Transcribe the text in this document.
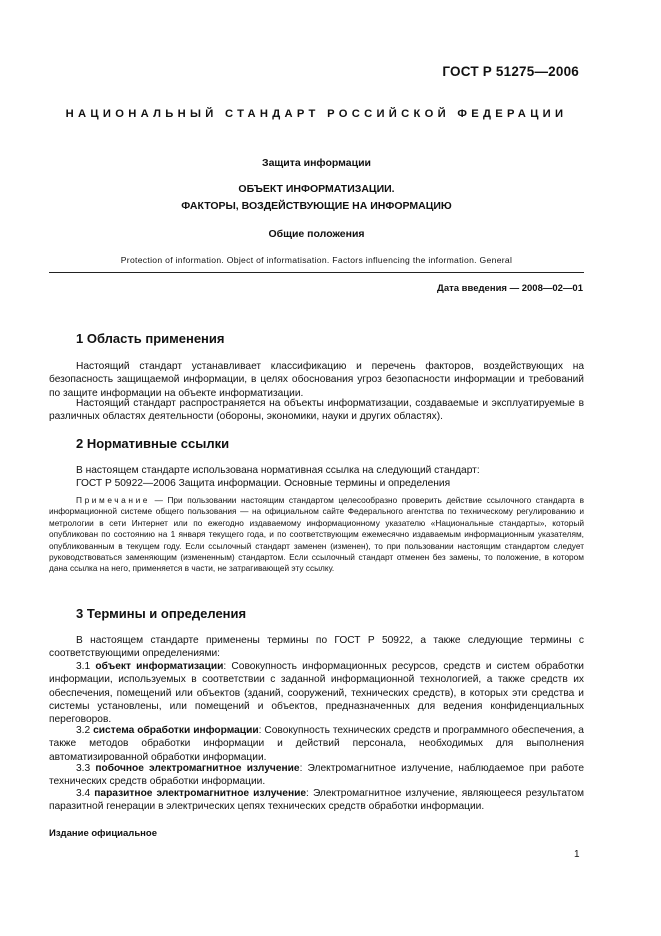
ГОСТ Р 51275—2006
НАЦИОНАЛЬНЫЙ СТАНДАРТ РОССИЙСКОЙ ФЕДЕРАЦИИ
Защита информации
ОБЪЕКТ ИНФОРМАТИЗАЦИИ.
ФАКТОРЫ, ВОЗДЕЙСТВУЮЩИЕ НА ИНФОРМАЦИЮ
Общие положения
Protection of information. Object of informatisation. Factors influencing the information. General
Дата введения — 2008—02—01
1 Область применения
Настоящий стандарт устанавливает классификацию и перечень факторов, воздействующих на безопасность защищаемой информации, в целях обоснования угроз безопасности информации и требований по защите информации на объекте информатизации.
Настоящий стандарт распространяется на объекты информатизации, создаваемые и эксплуатируемые в различных областях деятельности (обороны, экономики, науки и других областях).
2 Нормативные ссылки
В настоящем стандарте использована нормативная ссылка на следующий стандарт:
ГОСТ Р 50922—2006 Защита информации. Основные термины и определения
Примечание — При пользовании настоящим стандартом целесообразно проверить действие ссылочного стандарта в информационной системе общего пользования — на официальном сайте Федерального агентства по техническому регулированию и метрологии в сети Интернет или по ежегодно издаваемому информационному указателю «Национальные стандарты», который опубликован по состоянию на 1 января текущего года, и по соответствующим ежемесячно издаваемым информационным указателям, опубликованным в текущем году. Если ссылочный стандарт заменен (изменен), то при пользовании настоящим стандартом следует руководствоваться заменяющим (измененным) стандартом. Если ссылочный стандарт отменен без замены, то положение, в котором дана ссылка на него, применяется в части, не затрагивающей эту ссылку.
3 Термины и определения
В настоящем стандарте применены термины по ГОСТ Р 50922, а также следующие термины с соответствующими определениями:
3.1 объект информатизации: Совокупность информационных ресурсов, средств и систем обработки информации, используемых в соответствии с заданной информационной технологией, а также средств их обеспечения, помещений или объектов (зданий, сооружений, технических средств), в которых эти средства и системы установлены, или помещений и объектов, предназначенных для ведения конфиденциальных переговоров.
3.2 система обработки информации: Совокупность технических средств и программного обеспечения, а также методов обработки информации и действий персонала, необходимых для выполнения автоматизированной обработки информации.
3.3 побочное электромагнитное излучение: Электромагнитное излучение, наблюдаемое при работе технических средств обработки информации.
3.4 паразитное электромагнитное излучение: Электромагнитное излучение, являющееся результатом паразитной генерации в электрических цепях технических средств обработки информации.
Издание официальное
1
